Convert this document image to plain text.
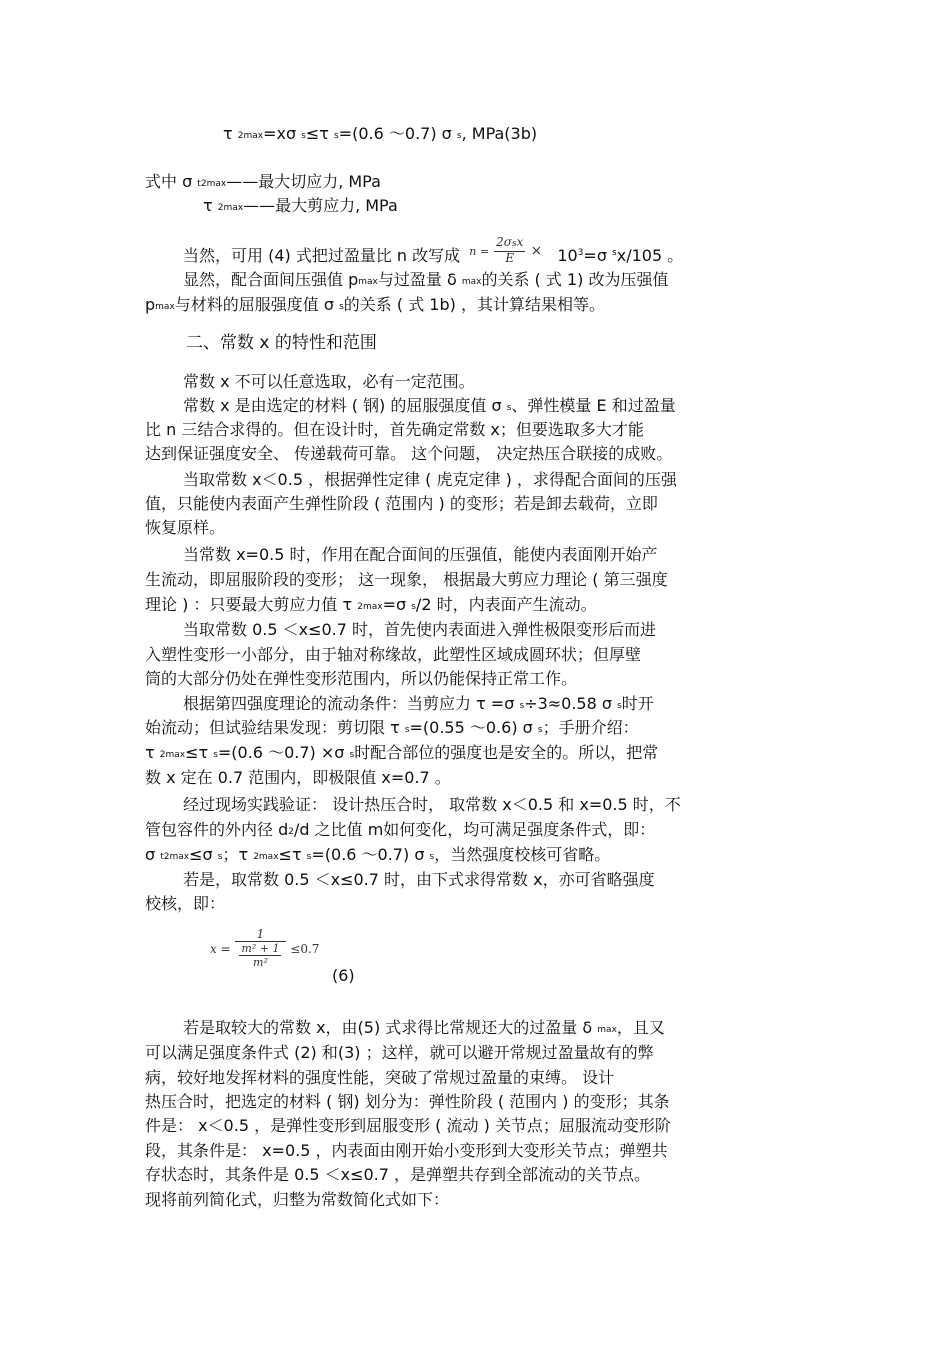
τ 2max=xσ s≤τ s=(0.6 ～0.7) σ s, MPa(3b)
式中 σ t2max——最大切应力, MPa
τ 2max——最大剪应力, MPa
当然，可用 (4) 式把过盈量比 n 改写成 $n = \frac{\text{2σsx}}{E} \times 10^3=\sigma$ $^s$x/105 。
显然，配合面间压强值 pmax与过盈量 δ max的关系 ( 式 1) 改为压强值
pmax与材料的屈服强度值 σ s的关系 ( 式 1b) ，其计算结果相等。
二、常数 x 的特性和范围
常数 x 不可以任意选取，必有一定范围。
常数 x 是由选定的材料 ( 钢) 的屈服强度值 σ s、弹性模量 E 和过盈量
比 n 三结合求得的。但在设计时，首先确定常数 x；但要选取多大才能
达到保证强度安全、 传递载荷可靠。 这个问题， 决定热压合联接的成败。
当取常数 x＜0.5 ，根据弹性定律 ( 虎克定律 ) ，求得配合面间的压强
值，只能使内表面产生弹性阶段 ( 范围内 ) 的变形；若是卸去载荷，立即
恢复原样。
当常数 x=0.5 时，作用在配合面间的压强值，能使内表面刚开始产
生流动，即屈服阶段的变形； 这一现象， 根据最大剪应力理论 ( 第三强度
理论 ) ：只要最大剪应力值 τ 2max=σ s/2 时，内表面产生流动。
当取常数 0.5 ＜x≤0.7 时，首先使内表面进入弹性极限变形后而进
入塑性变形一小部分，由于轴对称缘故，此塑性区域成圆环状；但厚壁
筒的大部分仍处在弹性变形范围内，所以仍能保持正常工作。
根据第四强度理论的流动条件：当剪应力 τ =σ s÷3≈0.58 σ s时开
始流动；但试验结果发现：剪切限 τ s=(0.55 ～0.6) σ s；手册介绍：
τ 2max≤τ s=(0.6 ～0.7) ×σ s时配合部位的强度也是安全的。所以，把常
数 x 定在 0.7 范围内，即极限值 x=0.7 。
经过现场实践验证： 设计热压合时， 取常数 x＜0.5 和 x=0.5 时，不
管包容件的外内径 d2/d 之比值 m如何变化，均可满足强度条件式，即：
σ t2max≤σ s；τ 2max≤τ s=(0.6 ～0.7) σ s，当然强度校核可省略。
若是，取常数 0.5 ＜x≤0.7 时，由下式求得常数 x，亦可省略强度
校核，即：
$x = \frac{1}{\frac{\text{m² + 1}}{\text{m²}}} \le 0.7$
(6)
若是取较大的常数 x，由(5) 式求得比常规还大的过盈量 δ max，且又
可以满足强度条件式 (2) 和(3) ；这样，就可以避开常规过盈量故有的弊
病，较好地发挥材料的强度性能，突破了常规过盈量的束缚。 设计
热压合时，把选定的材料 ( 钢) 划分为：弹性阶段 ( 范围内 ) 的变形；其条
件是： x＜0.5 ，是弹性变形到屈服变形 ( 流动 ) 关节点；屈服流动变形阶
段，其条件是： x=0.5 ，内表面由刚开始小变形到大变形关节点；弹塑共
存状态时，其条件是 0.5 ＜x≤0.7 ，是弹塑共存到全部流动的关节点。
现将前列简化式，归整为常数简化式如下：
